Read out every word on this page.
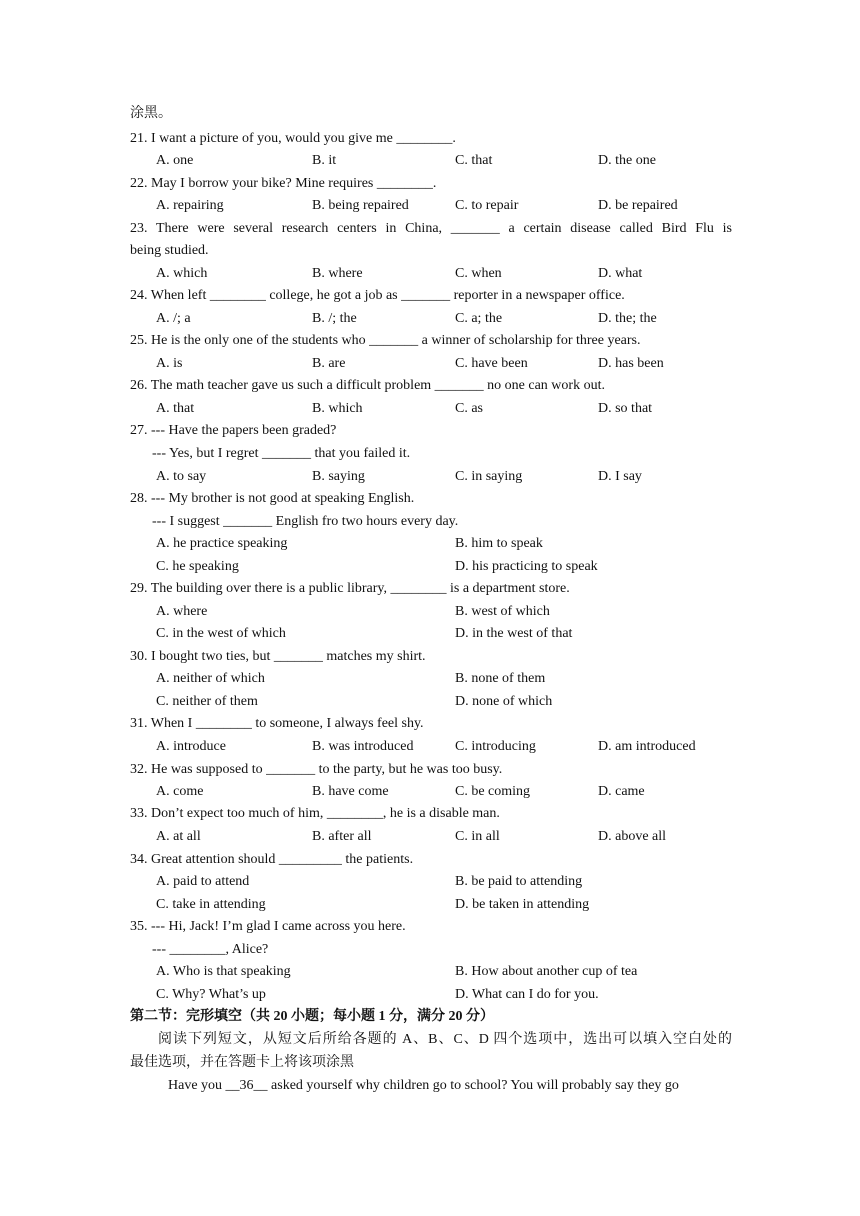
涂黑。
21. I want a picture of you, would you give me ________.
A. one	B. it	C. that	D. the one
22. May I borrow your bike? Mine requires ________.
A. repairing	B. being repaired	C. to repair	D. be repaired
23. There were several research centers in China, _______ a certain disease called Bird Flu is
being studied.
A. which	B. where	C. when	D. what
24. When left ________ college, he got a job as _______ reporter in a newspaper office.
A. /; a	B. /; the	C. a; the	D. the; the
25. He is the only one of the students who _______ a winner of scholarship for three years.
A. is	B. are	C. have been	D. has been
26. The math teacher gave us such a difficult problem _______ no one can work out.
A. that	B. which	C. as	D. so that
27. --- Have the papers been graded?
--- Yes, but I regret _______ that you failed it.
A. to say	B. saying	C. in saying	D. I say
28. --- My brother is not good at speaking English.
--- I suggest _______ English fro two hours every day.
A. he practice speaking	B. him to speak
C. he speaking	D. his practicing to speak
29. The building over there is a public library, ________ is a department store.
A. where	B. west of which
C. in the west of which	D. in the west of that
30. I bought two ties, but _______ matches my shirt.
A. neither of which	B. none of them
C. neither of them	D. none of which
31. When I ________ to someone, I always feel shy.
A. introduce	B. was introduced	C. introducing	D. am introduced
32. He was supposed to _______ to the party, but he was too busy.
A. come	B. have come	C. be coming	D. came
33. Don’t expect too much of him, ________, he is a disable man.
A. at all	B. after all	C. in all	D. above all
34. Great attention should _________ the patients.
A. paid to attend	B. be paid to attending
C. take in attending	D. be taken in attending
35. --- Hi, Jack! I’m glad I came across you here.
--- ________, Alice?
A. Who is that speaking	B. How about another cup of tea
C. Why? What’s up	D. What can I do for you.
第二节：完形填空（共 20 小题；每小题 1 分，满分 20 分）
阅读下列短文，从短文后所给各题的 A、B、C、D 四个选项中，选出可以填入空白处的
最佳选项，并在答题卡上将该项涂黑
Have you __36__ asked yourself why children go to school? You will probably say they go
